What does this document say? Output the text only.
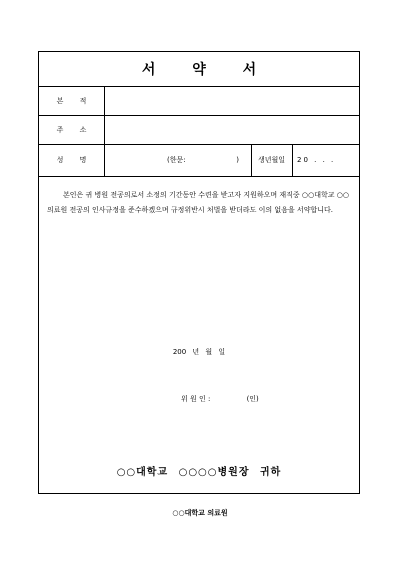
서 약 서
본 적
주 소
성 명	(한문:	)	생년월일	20 . . .
본인은 귀 병원 전공의로서 소정의 기간동안 수련을 받고자 지원하오며 재직중 ○○대학교 ○○의료원 전공의 인사규정을 준수하겠으며 규정위반시 처벌을 받더라도 이의 없음을 서약합니다.
200 년 월 일
위 원 인 :	(인)
○○대학교 ○○○○병원장 귀하
○○대학교 의료원
